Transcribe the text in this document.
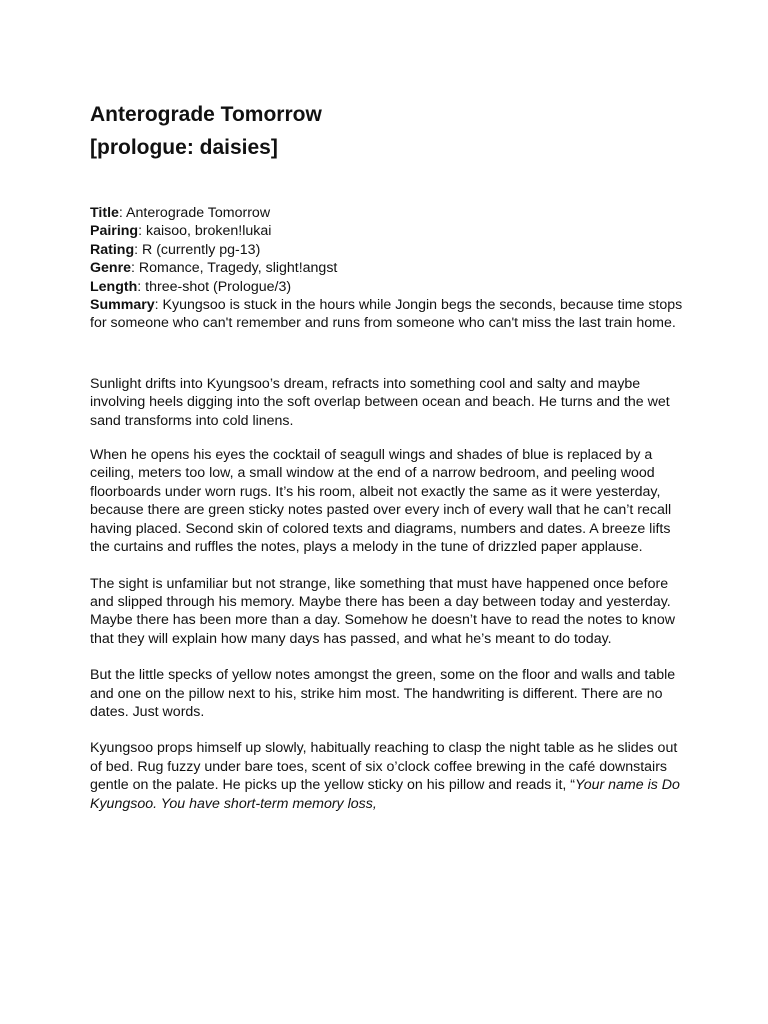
Anterograde Tomorrow
[prologue: daisies]
Title: Anterograde Tomorrow
Pairing: kaisoo, broken!lukai
Rating: R (currently pg-13)
Genre: Romance, Tragedy, slight!angst
Length: three-shot (Prologue/3)
Summary: Kyungsoo is stuck in the hours while Jongin begs the seconds, because time stops for someone who can't remember and runs from someone who can't miss the last train home.

Sunlight drifts into Kyungsoo’s dream, refracts into something cool and salty and maybe involving heels digging into the soft overlap between ocean and beach. He turns and the wet sand transforms into cold linens.

When he opens his eyes the cocktail of seagull wings and shades of blue is replaced by a ceiling, meters too low, a small window at the end of a narrow bedroom, and peeling wood floorboards under worn rugs. It’s his room, albeit not exactly the same as it were yesterday, because there are green sticky notes pasted over every inch of every wall that he can’t recall having placed. Second skin of colored texts and diagrams, numbers and dates. A breeze lifts the curtains and ruffles the notes, plays a melody in the tune of drizzled paper applause.

The sight is unfamiliar but not strange, like something that must have happened once before and slipped through his memory. Maybe there has been a day between today and yesterday. Maybe there has been more than a day. Somehow he doesn’t have to read the notes to know that they will explain how many days has passed, and what he’s meant to do today.

But the little specks of yellow notes amongst the green, some on the floor and walls and table and one on the pillow next to his, strike him most. The handwriting is different. There are no dates. Just words.

Kyungsoo props himself up slowly, habitually reaching to clasp the night table as he slides out of bed. Rug fuzzy under bare toes, scent of six o’clock coffee brewing in the café downstairs gentle on the palate. He picks up the yellow sticky on his pillow and reads it, “Your name is Do Kyungsoo. You have short-term memory loss,
